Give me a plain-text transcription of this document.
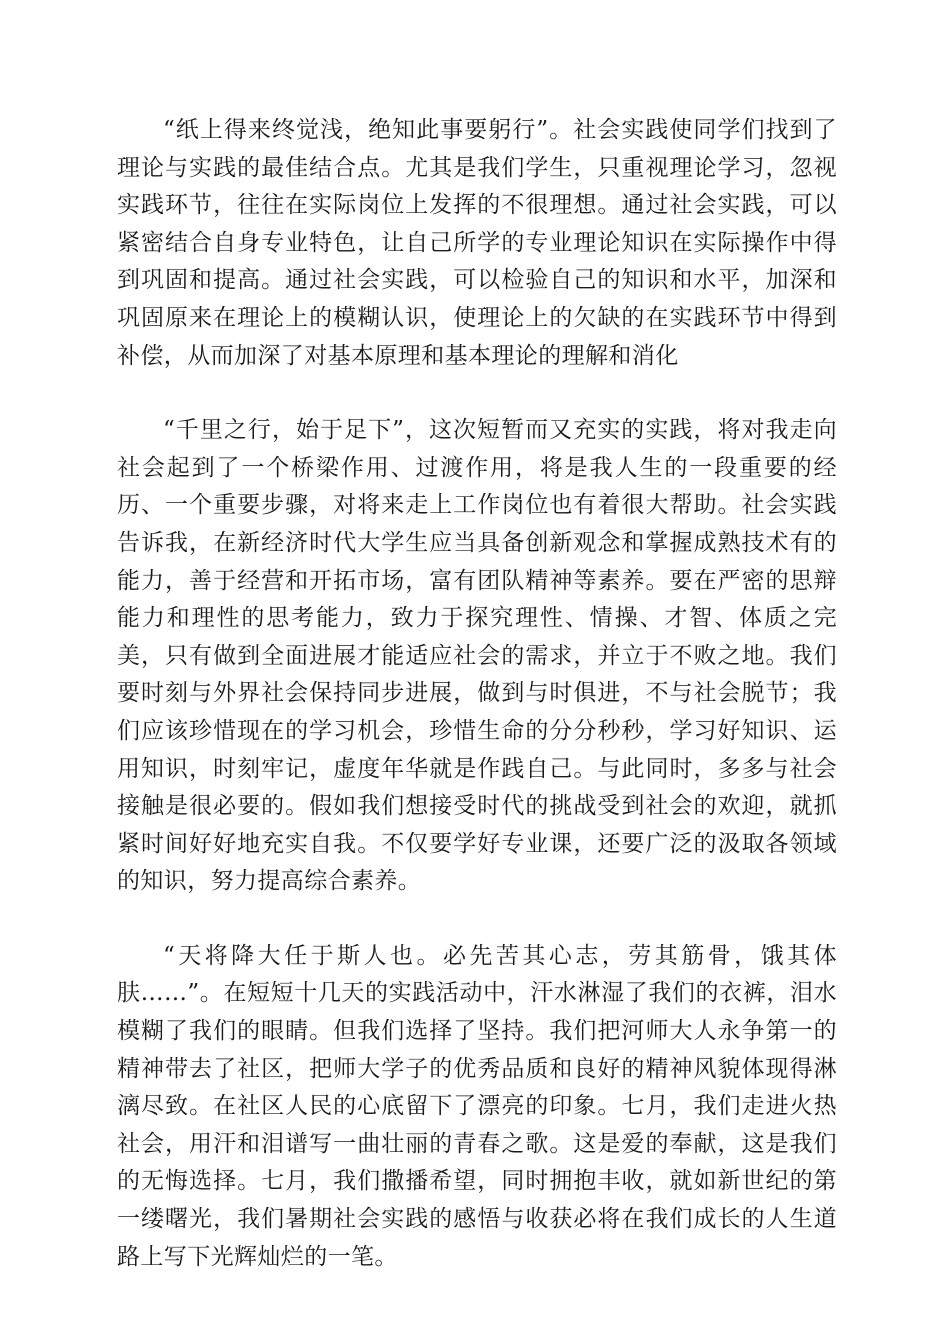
“纸上得来终觉浅，绝知此事要躬行”。社会实践使同学们找到了理论与实践的最佳结合点。尤其是我们学生，只重视理论学习，忽视实践环节，往往在实际岗位上发挥的不很理想。通过社会实践，可以紧密结合自身专业特色，让自己所学的专业理论知识在实际操作中得到巩固和提高。通过社会实践，可以检验自己的知识和水平，加深和巩固原来在理论上的模糊认识，使理论上的欠缺的在实践环节中得到补偿，从而加深了对基本原理和基本理论的理解和消化

“千里之行，始于足下”，这次短暂而又充实的实践，将对我走向社会起到了一个桥梁作用、过渡作用，将是我人生的一段重要的经历、一个重要步骤，对将来走上工作岗位也有着很大帮助。社会实践告诉我，在新经济时代大学生应当具备创新观念和掌握成熟技术有的能力，善于经营和开拓市场，富有团队精神等素养。要在严密的思辩能力和理性的思考能力，致力于探究理性、情操、才智、体质之完美，只有做到全面进展才能适应社会的需求，并立于不败之地。我们要时刻与外界社会保持同步进展，做到与时俱进，不与社会脱节；我们应该珍惜现在的学习机会，珍惜生命的分分秒秒，学习好知识、运用知识，时刻牢记，虚度年华就是作践自己。与此同时，多多与社会接触是很必要的。假如我们想接受时代的挑战受到社会的欢迎，就抓紧时间好好地充实自我。不仅要学好专业课，还要广泛的汲取各领域的知识，努力提高综合素养。

“天将降大任于斯人也。必先苦其心志，劳其筋骨，饿其体肤……”。在短短十几天的实践活动中，汗水淋湿了我们的衣裤，泪水模糊了我们的眼睛。但我们选择了坚持。我们把河师大人永争第一的精神带去了社区，把师大学子的优秀品质和良好的精神风貌体现得淋漓尽致。在社区人民的心底留下了漂亮的印象。七月，我们走进火热社会，用汗和泪谱写一曲壮丽的青春之歌。这是爱的奉献，这是我们的无悔选择。七月，我们撒播希望，同时拥抱丰收，就如新世纪的第一缕曙光，我们暑期社会实践的感悟与收获必将在我们成长的人生道路上写下光辉灿烂的一笔。
